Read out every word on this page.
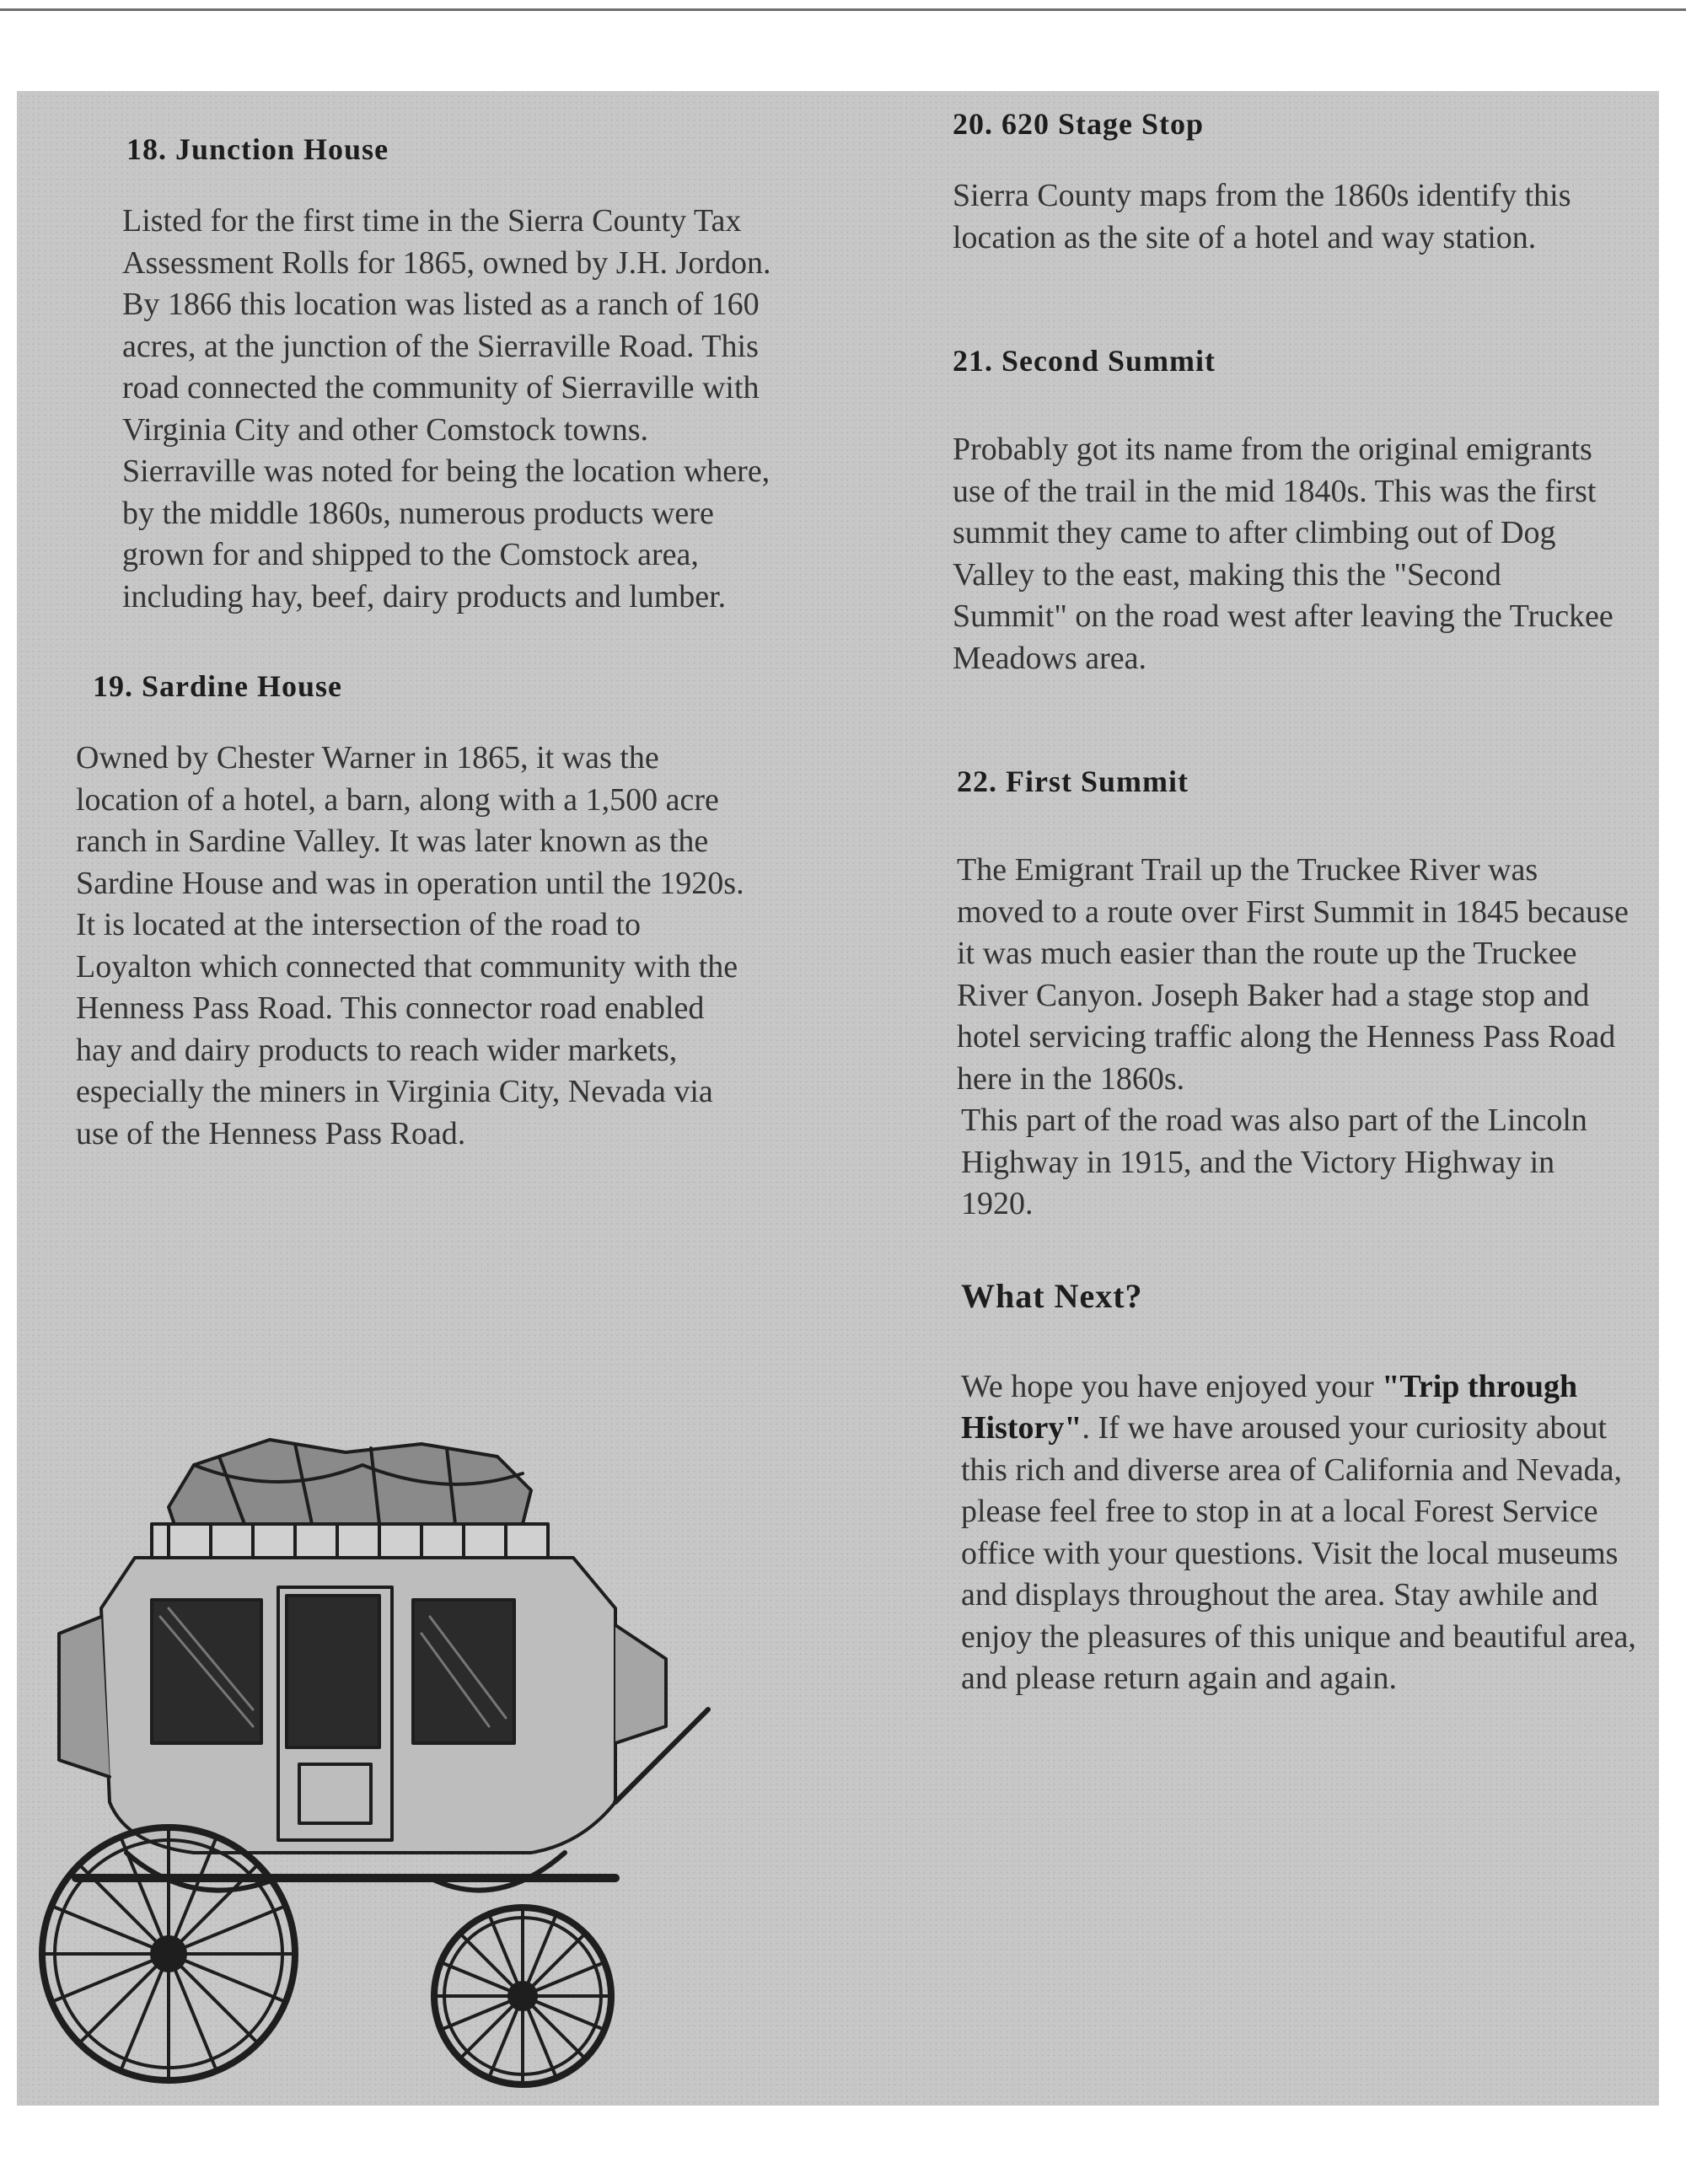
18. Junction House

Listed for the first time in the Sierra County Tax Assessment Rolls for 1865, owned by J.H. Jordon. By 1866 this location was listed as a ranch of 160 acres, at the junction of the Sierraville Road. This road connected the community of Sierraville with Virginia City and other Comstock towns. Sierraville was noted for being the location where, by the middle 1860s, numerous products were grown for and shipped to the Comstock area, including hay, beef, dairy products and lumber.

19. Sardine House

Owned by Chester Warner in 1865, it was the location of a hotel, a barn, along with a 1,500 acre ranch in Sardine Valley. It was later known as the Sardine House and was in operation until the 1920s. It is located at the intersection of the road to Loyalton which connected that community with the Henness Pass Road. This connector road enabled hay and dairy products to reach wider markets, especially the miners in Virginia City, Nevada via use of the Henness Pass Road.

20. 620 Stage Stop

Sierra County maps from the 1860s identify this location as the site of a hotel and way station.

21. Second Summit

Probably got its name from the original emigrants use of the trail in the mid 1840s. This was the first summit they came to after climbing out of Dog Valley to the east, making this the "Second Summit" on the road west after leaving the Truckee Meadows area.

22. First Summit

The Emigrant Trail up the Truckee River was moved to a route over First Summit in 1845 because it was much easier than the route up the Truckee River Canyon. Joseph Baker had a stage stop and hotel servicing traffic along the Henness Pass Road here in the 1860s.

This part of the road was also part of the Lincoln Highway in 1915, and the Victory Highway in 1920.

What Next?

We hope you have enjoyed your "Trip through History". If we have aroused your curiosity about this rich and diverse area of California and Nevada, please feel free to stop in at a local Forest Service office with your questions. Visit the local museums and displays throughout the area. Stay awhile and enjoy the pleasures of this unique and beautiful area, and please return again and again.
